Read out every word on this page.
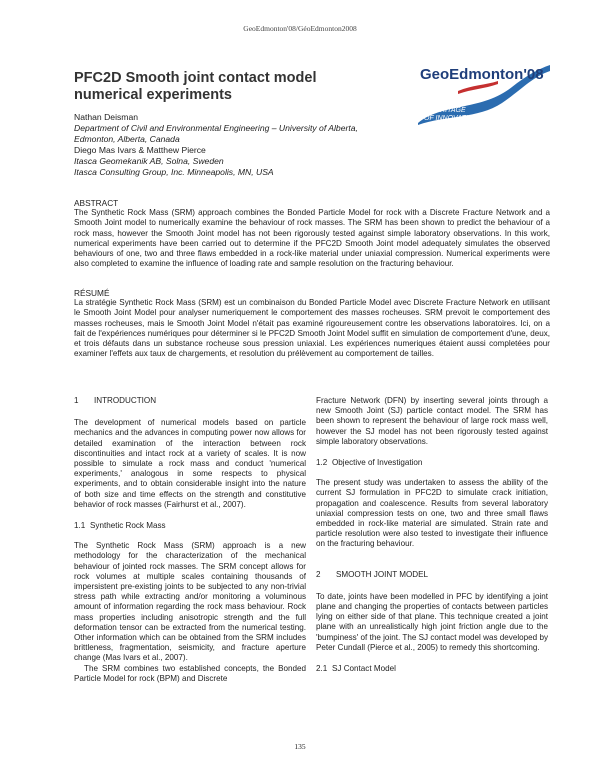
GeoEdmonton'08/GéoEdmonton2008
PFC2D Smooth joint contact model numerical experiments
GeoEdmonton'08
A HERITAGE
OF INNOVATION
Nathan Deisman
Department of Civil and Environmental Engineering – University of Alberta,
Edmonton, Alberta, Canada
Diego Mas Ivars & Matthew Pierce
Itasca Geomekanik AB, Solna, Sweden
Itasca Consulting Group, Inc. Minneapolis, MN, USA
ABSTRACT

The Synthetic Rock Mass (SRM) approach combines the Bonded Particle Model for rock with a Discrete Fracture Network and a Smooth Joint model to numerically examine the behaviour of rock masses. The SRM has been shown to predict the behaviour of a rock mass, however the Smooth Joint model has not been rigorously tested against simple laboratory observations. In this work, numerical experiments have been carried out to determine if the PFC2D Smooth Joint model adequately simulates the observed behaviours of one, two and three flaws embedded in a rock-like material under uniaxial compression. Numerical experiments were also completed to examine the influence of loading rate and sample resolution on the fracturing behaviour.

RÉSUMÉ

La stratégie Synthetic Rock Mass (SRM) est un combinaison du Bonded Particle Model avec Discrete Fracture Network en utilisant le Smooth Joint Model pour analyser numeriquement le comportement des masses rocheuses. SRM prevoit le comportement des masses rocheuses, mais le Smooth Joint Model n'était pas examiné rigoureusement contre les observations laboratoires. Ici, on a fait de l'expériences numériques pour déterminer si le PFC2D Smooth Joint Model suffit en simulation de comportement d'une, deux, et trois défauts dans un substance rocheuse sous pression uniaxial. Les expériences numeriques étaient aussi completées pour examiner l'effets aux taux de chargements, et resolution du prélèvement au comportement de tailles.

1 INTRODUCTION

The development of numerical models based on particle mechanics and the advances in computing power now allows for detailed examination of the interaction between rock discontinuities and intact rock at a variety of scales. It is now possible to simulate a rock mass and conduct 'numerical experiments,' analogous in some respects to physical experiments, and to obtain considerable insight into the nature of both size and time effects on the strength and constitutive behavior of rock masses (Fairhurst et al., 2007).

1.1 Synthetic Rock Mass

The Synthetic Rock Mass (SRM) approach is a new methodology for the characterization of the mechanical behaviour of jointed rock masses. The SRM concept allows for rock volumes at multiple scales containing thousands of impersistent pre-existing joints to be subjected to any non-trivial stress path while extracting and/or monitoring a voluminous amount of information regarding the rock mass behaviour. Rock mass properties including anisotropic strength and the full deformation tensor can be extracted from the numerical testing. Other information which can be obtained from the SRM includes brittleness, fragmentation, seismicity, and fracture aperture change (Mas Ivars et al., 2007).

The SRM combines two established concepts, the Bonded Particle Model for rock (BPM) and Discrete

Fracture Network (DFN) by inserting several joints through a new Smooth Joint (SJ) particle contact model. The SRM has been shown to represent the behaviour of large rock mass well, however the SJ model has not been rigorously tested against simple laboratory observations.

1.2 Objective of Investigation

The present study was undertaken to assess the ability of the current SJ formulation in PFC2D to simulate crack initiation, propagation and coalescence. Results from several laboratory uniaxial compression tests on one, two and three small flaws embedded in rock-like material are simulated. Strain rate and particle resolution were also tested to investigate their influence on the fracturing behaviour.

2 SMOOTH JOINT MODEL

To date, joints have been modelled in PFC by identifying a joint plane and changing the properties of contacts between particles lying on either side of that plane. This technique created a joint plane with an unrealistically high joint friction angle due to the 'bumpiness' of the joint. The SJ contact model was developed by Peter Cundall (Pierce et al., 2005) to remedy this shortcoming.

2.1 SJ Contact Model
135
